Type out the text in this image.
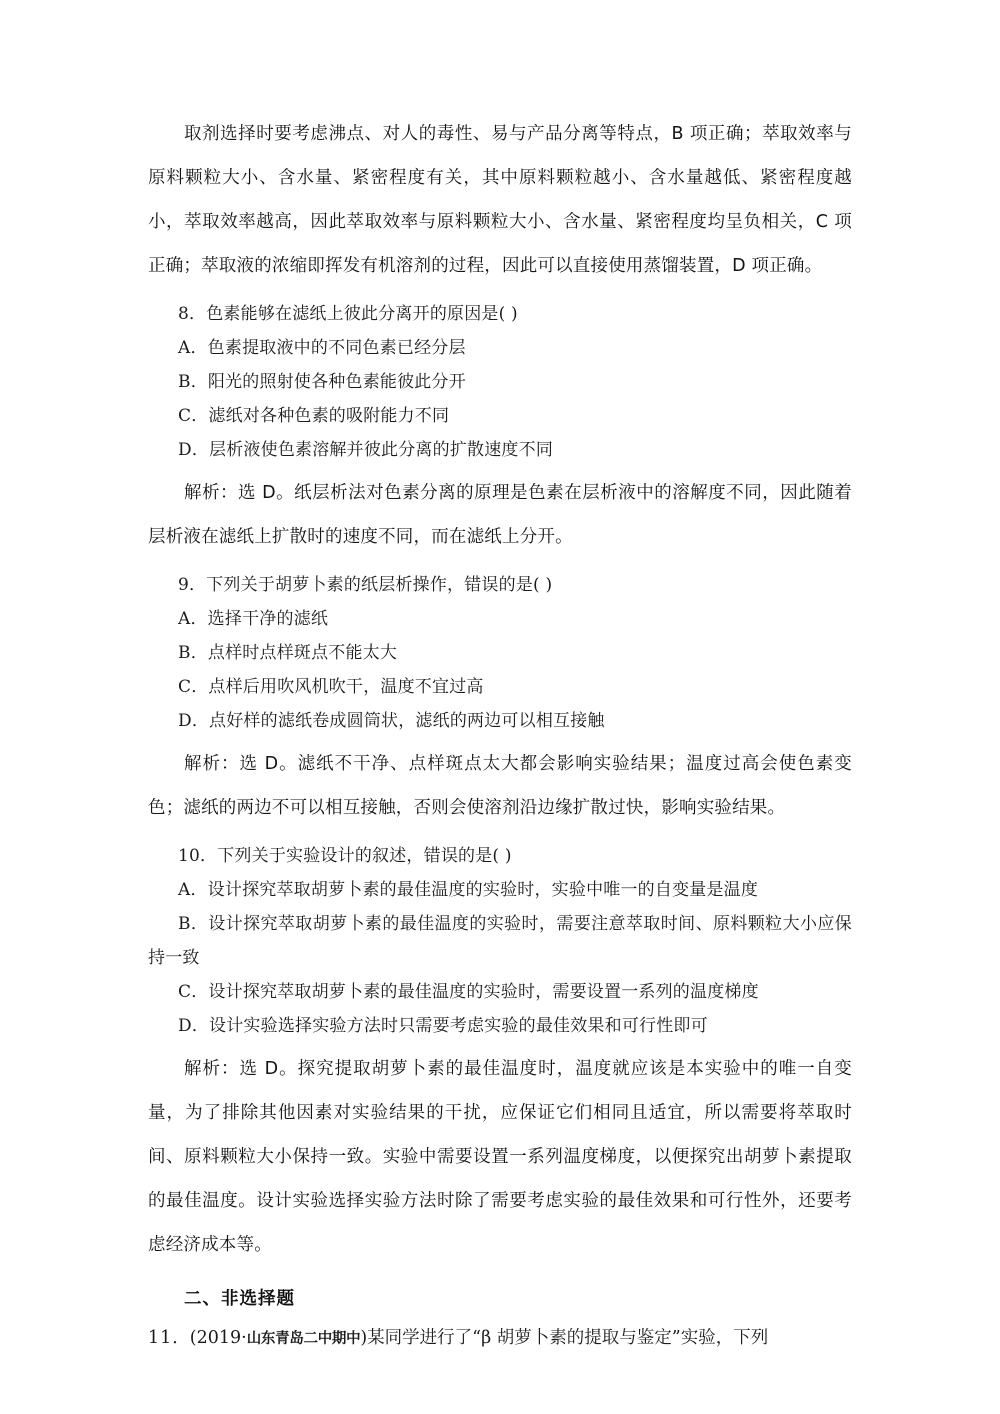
取剂选择时要考虑沸点、对人的毒性、易与产品分离等特点，B 项正确；萃取效率与原料颗粒大小、含水量、紧密程度有关，其中原料颗粒越小、含水量越低、紧密程度越小，萃取效率越高，因此萃取效率与原料颗粒大小、含水量、紧密程度均呈负相关，C 项正确；萃取液的浓缩即挥发有机溶剂的过程，因此可以直接使用蒸馏装置，D 项正确。

8．色素能够在滤纸上彼此分离开的原因是( )

A．色素提取液中的不同色素已经分层

B．阳光的照射使各种色素能彼此分开

C．滤纸对各种色素的吸附能力不同

D．层析液使色素溶解并彼此分离的扩散速度不同

解析：选 D。纸层析法对色素分离的原理是色素在层析液中的溶解度不同，因此随着层析液在滤纸上扩散时的速度不同，而在滤纸上分开。

9．下列关于胡萝卜素的纸层析操作，错误的是( )

A．选择干净的滤纸

B．点样时点样斑点不能太大

C．点样后用吹风机吹干，温度不宜过高

D．点好样的滤纸卷成圆筒状，滤纸的两边可以相互接触

解析：选 D。滤纸不干净、点样斑点太大都会影响实验结果；温度过高会使色素变色；滤纸的两边不可以相互接触，否则会使溶剂沿边缘扩散过快，影响实验结果。

10．下列关于实验设计的叙述，错误的是( )

A．设计探究萃取胡萝卜素的最佳温度的实验时，实验中唯一的自变量是温度

B．设计探究萃取胡萝卜素的最佳温度的实验时，需要注意萃取时间、原料颗粒大小应保持一致

C．设计探究萃取胡萝卜素的最佳温度的实验时，需要设置一系列的温度梯度

D．设计实验选择实验方法时只需要考虑实验的最佳效果和可行性即可

解析：选 D。探究提取胡萝卜素的最佳温度时，温度就应该是本实验中的唯一自变量，为了排除其他因素对实验结果的干扰，应保证它们相同且适宜，所以需要将萃取时间、原料颗粒大小保持一致。实验中需要设置一系列温度梯度，以便探究出胡萝卜素提取的最佳温度。设计实验选择实验方法时除了需要考虑实验的最佳效果和可行性外，还要考虑经济成本等。

二、非选择题

11．(2019·山东青岛二中期中)某同学进行了“β 胡萝卜素的提取与鉴定”实验，下列
